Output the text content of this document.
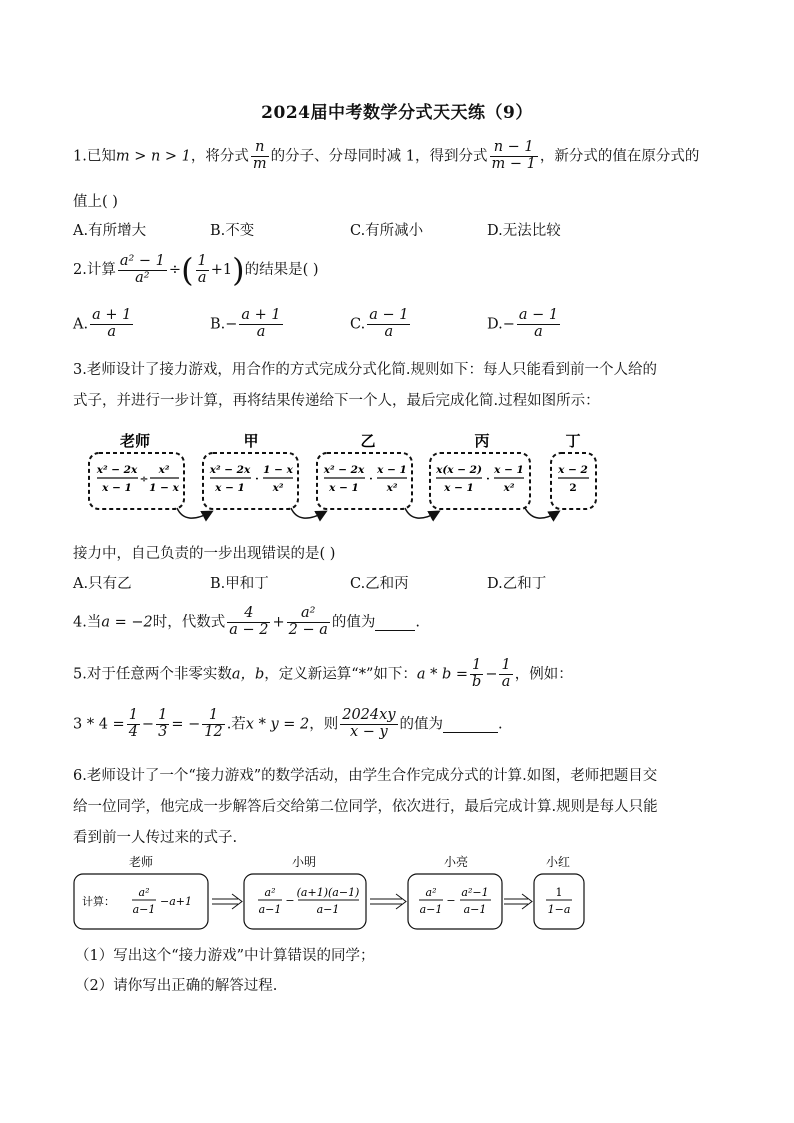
2024届中考数学分式天天练（9）
1.已知m > n > 1，将分式 $\frac{n}{m}$ 的分子、分母同时减 1，得到分式 $\frac{n - 1}{m - 1}$ ，新分式的值在原分式的
值上( )
A.有所增大	B.不变	C.有所减小	D.无法比较
2.计算 $\frac{\text{a² − 1}}{\text{a²}}$ ÷( $\frac{1}{a} +1$)的结果是( )
A. $\frac{a + 1}{a}$	$B.- \frac{a + 1}{a}$	C. $\frac{a - 1}{a}$	$D.- \frac{a - 1}{a}$
3.老师设计了接力游戏，用合作的方式完成分式化简.规则如下：每人只能看到前一个人给的
式子，并进行一步计算，再将结果传递给下一个人，最后完成化简.过程如图所示：
老师	甲	乙	丙	丁
x² − 2x
x − 1
÷
x²
1 − x
x² − 2x
x − 1
·
1 − x
x²
x² − 2x
x − 1
·
x − 1
x²
x(x − 2)
x − 1
·
x − 1
x²
x − 2
2
接力中，自己负责的一步出现错误的是( )
A.只有乙	B.甲和丁	C.乙和丙	D.乙和丁
4.当a = −2时，代数式 $\frac{4}{a - 2} + \frac{\text{a²}}{2 - a}$ 的值为	.
5.对于任意两个非零实数a，b，定义新运算“*”如下：$a * b = \frac{1}{b} - \frac{1}{a}$ ，例如：
$3 * 4 = \frac{1}{4} - \frac{1}{3}$ = − $\frac{1}{12}$ .若x * y = 2，则 $\frac{2024xy}{x - y}$ 的值为	.
6.老师设计了一个“接力游戏”的数学活动，由学生合作完成分式的计算.如图，老师把题目交
给一位同学，他完成一步解答后交给第二位同学，依次进行，最后完成计算.规则是每人只能
看到前一人传过来的式子.
老师	小明	小亮	小红
计算：
a²
a−1
−a+1
a²
a−1
−
(a+1)(a−1)
a−1
a²
a−1
−
a²−1
a−1
1
1−a
（1）写出这个“接力游戏”中计算错误的同学；
（2）请你写出正确的解答过程.
